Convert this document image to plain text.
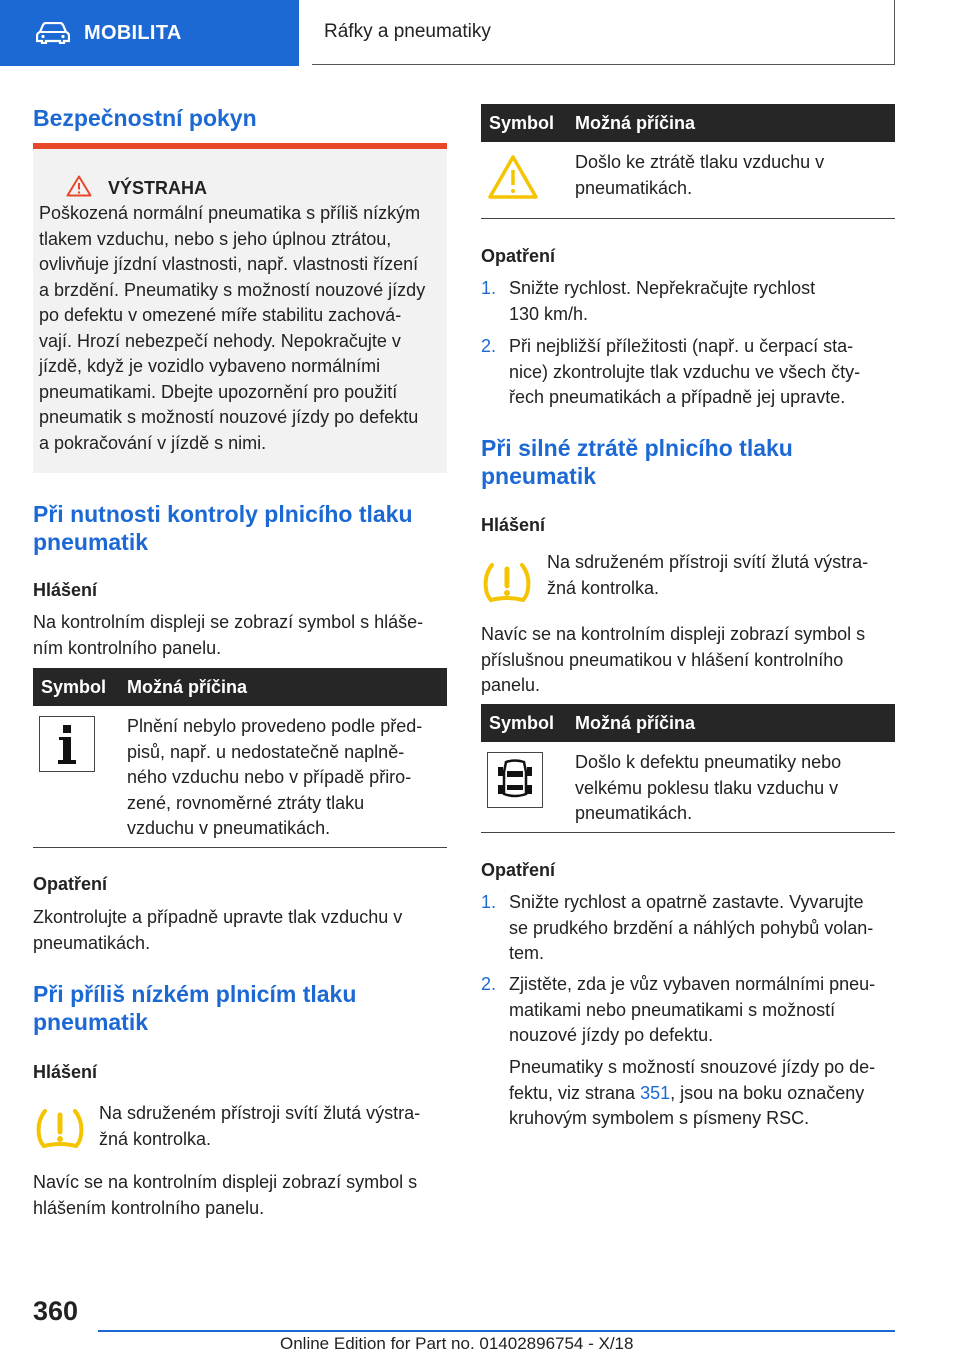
MOBILITA	Ráfky a pneumatiky
Bezpečnostní pokyn
VÝSTRAHA
Poškozená normální pneumatika s příliš nízkým
tlakem vzduchu, nebo s jeho úplnou ztrátou,
ovlivňuje jízdní vlastnosti, např. vlastnosti řízení
a brzdění. Pneumatiky s možností nouzové jízdy
po defektu v omezené míře stabilitu zachová-
vají. Hrozí nebezpečí nehody. Nepokračujte v
jízdě, když je vozidlo vybaveno normálními
pneumatikami. Dbejte upozornění pro použití
pneumatik s možností nouzové jízdy po defektu
a pokračování v jízdě s nimi.
Při nutnosti kontroly plnicího tlaku
pneumatik
Hlášení
Na kontrolním displeji se zobrazí symbol s hláše-
ním kontrolního panelu.
Symbol Možná příčina
Plnění nebylo provedeno podle před-
pisů, např. u nedostatečně naplně-
ného vzduchu nebo v případě přiro-
zené, rovnoměrné ztráty tlaku
vzduchu v pneumatikách.
Opatření
Zkontrolujte a případně upravte tlak vzduchu v
pneumatikách.
Při příliš nízkém plnicím tlaku
pneumatik
Hlášení
Na sdruženém přístroji svítí žlutá výstra-
žná kontrolka.
Navíc se na kontrolním displeji zobrazí symbol s
hlášením kontrolního panelu.
Symbol Možná příčina
Došlo ke ztrátě tlaku vzduchu v
pneumatikách.
Opatření
1. Snižte rychlost. Nepřekračujte rychlost
130 km/h.
2. Při nejbližší příležitosti (např. u čerpací sta-
nice) zkontrolujte tlak vzduchu ve všech čty-
řech pneumatikách a případně jej upravte.
Při silné ztrátě plnicího tlaku
pneumatik
Hlášení
Na sdruženém přístroji svítí žlutá výstra-
žná kontrolka.
Navíc se na kontrolním displeji zobrazí symbol s
příslušnou pneumatikou v hlášení kontrolního
panelu.
Symbol Možná příčina
Došlo k defektu pneumatiky nebo
velkému poklesu tlaku vzduchu v
pneumatikách.
Opatření
1. Snižte rychlost a opatrně zastavte. Vyvarujte
se prudkého brzdění a náhlých pohybů volan-
tem.
2. Zjistěte, zda je vůz vybaven normálními pneu-
matikami nebo pneumatikami s možností
nouzové jízdy po defektu.
Pneumatiky s možností snouzové jízdy po de-
fektu, viz strana 351, jsou na boku označeny
kruhovým symbolem s písmeny RSC.
360
Online Edition for Part no. 01402896754 - X/18
